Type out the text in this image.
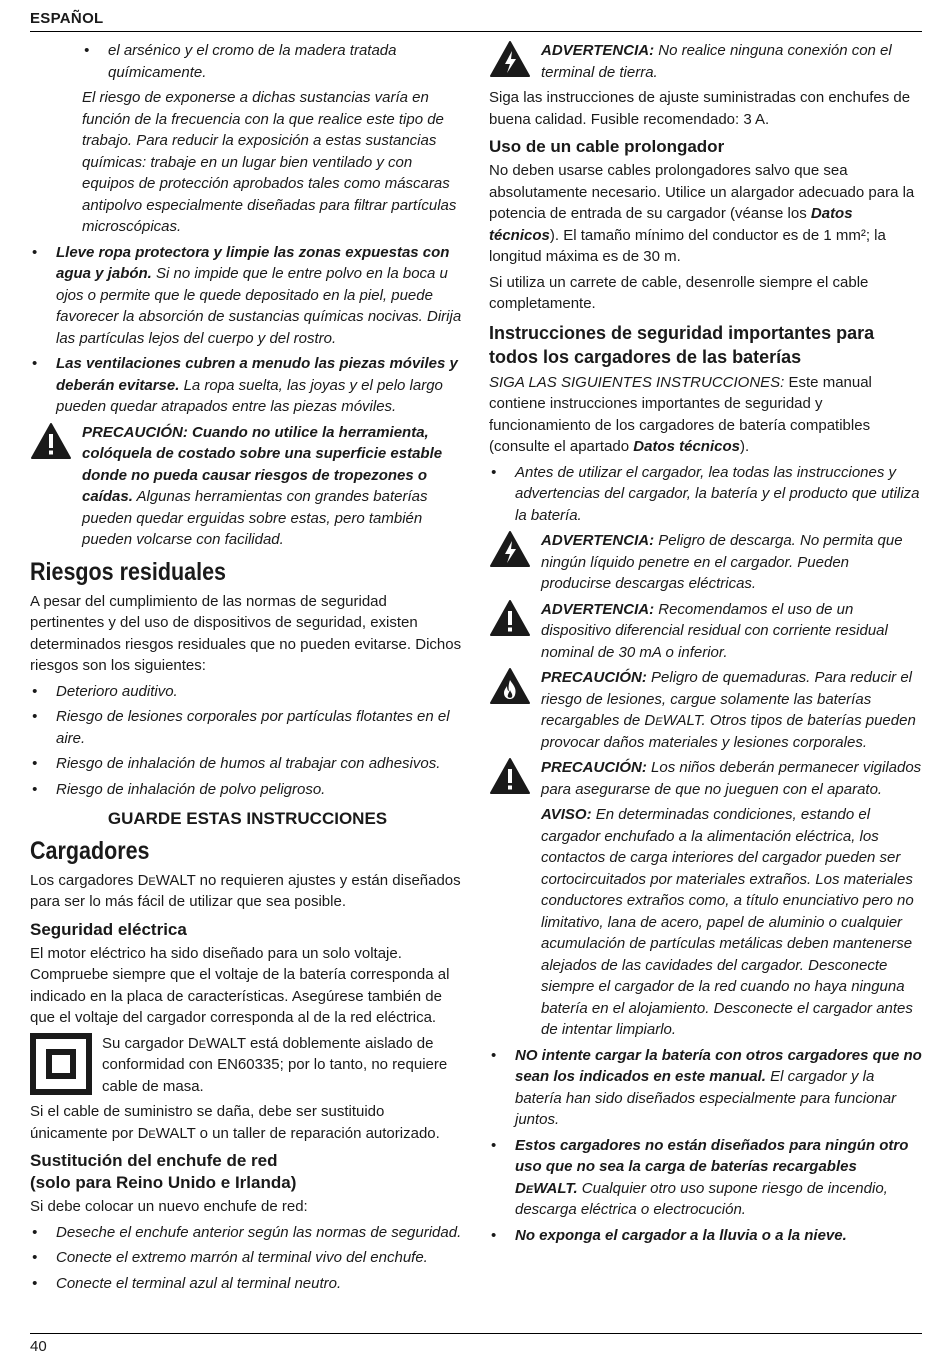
ESPAÑOL
• el arsénico y el cromo de la madera tratada químicamente.

El riesgo de exponerse a dichas sustancias varía en función de la frecuencia con la que realice este tipo de trabajo. Para reducir la exposición a estas sustancias químicas: trabaje en un lugar bien ventilado y con equipos de protección aprobados tales como máscaras antipolvo especialmente diseñadas para filtrar partículas microscópicas.

• Lleve ropa protectora y limpie las zonas expuestas con agua y jabón. Si no impide que le entre polvo en la boca u ojos o permite que le quede depositado en la piel, puede favorecer la absorción de sustancias químicas nocivas. Dirija las partículas lejos del cuerpo y del rostro.
• Las ventilaciones cubren a menudo las piezas móviles y deberán evitarse. La ropa suelta, las joyas y el pelo largo pueden quedar atrapados entre las piezas móviles.
PRECAUCIÓN: Cuando no utilice la herramienta, colóquela de costado sobre una superficie estable donde no pueda causar riesgos de tropezones o caídas. Algunas herramientas con grandes baterías pueden quedar erguidas sobre estas, pero también pueden volcarse con facilidad.
Riesgos residuales

A pesar del cumplimiento de las normas de seguridad pertinentes y del uso de dispositivos de seguridad, existen determinados riesgos residuales que no pueden evitarse. Dichos riesgos son los siguientes:

• Deterioro auditivo.
• Riesgo de lesiones corporales por partículas flotantes en el aire.
• Riesgo de inhalación de humos al trabajar con adhesivos.
• Riesgo de inhalación de polvo peligroso.
GUARDE ESTAS INSTRUCCIONES
Cargadores

Los cargadores DeWALT no requieren ajustes y están diseñados para ser lo más fácil de utilizar que sea posible.

Seguridad eléctrica

El motor eléctrico ha sido diseñado para un solo voltaje. Compruebe siempre que el voltaje de la batería corresponda al indicado en la placa de características. Asegúrese también de que el voltaje del cargador corresponda al de la red eléctrica.

Su cargador DeWALT está doblemente aislado de conformidad con EN60335; por lo tanto, no requiere cable de masa.

Si el cable de suministro se daña, debe ser sustituido únicamente por DeWALT o un taller de reparación autorizado.

Sustitución del enchufe de red
(solo para Reino Unido e Irlanda)

Si debe colocar un nuevo enchufe de red:

• Deseche el enchufe anterior según las normas de seguridad.
• Conecte el extremo marrón al terminal vivo del enchufe.
• Conecte el terminal azul al terminal neutro.
ADVERTENCIA: No realice ninguna conexión con el terminal de tierra.

Siga las instrucciones de ajuste suministradas con enchufes de buena calidad. Fusible recomendado: 3 A.

Uso de un cable prolongador

No deben usarse cables prolongadores salvo que sea absolutamente necesario. Utilice un alargador adecuado para la potencia de entrada de su cargador (véanse los Datos técnicos). El tamaño mínimo del conductor es de 1 mm²; la longitud máxima es de 30 m.

Si utiliza un carrete de cable, desenrolle siempre el cable completamente.

Instrucciones de seguridad importantes para todos los cargadores de las baterías

SIGA LAS SIGUIENTES INSTRUCCIONES: Este manual contiene instrucciones importantes de seguridad y funcionamiento de los cargadores de batería compatibles (consulte el apartado Datos técnicos).

• Antes de utilizar el cargador, lea todas las instrucciones y advertencias del cargador, la batería y el producto que utiliza la batería.
ADVERTENCIA: Peligro de descarga. No permita que ningún líquido penetre en el cargador. Pueden producirse descargas eléctricas.
ADVERTENCIA: Recomendamos el uso de un dispositivo diferencial residual con corriente residual nominal de 30 mA o inferior.
PRECAUCIÓN: Peligro de quemaduras. Para reducir el riesgo de lesiones, cargue solamente las baterías recargables de DeWALT. Otros tipos de baterías pueden provocar daños materiales y lesiones corporales.
PRECAUCIÓN: Los niños deberán permanecer vigilados para asegurarse de que no jueguen con el aparato.

AVISO: En determinadas condiciones, estando el cargador enchufado a la alimentación eléctrica, los contactos de carga interiores del cargador pueden ser cortocircuitados por materiales extraños. Los materiales conductores extraños como, a título enunciativo pero no limitativo, lana de acero, papel de aluminio o cualquier acumulación de partículas metálicas deben mantenerse alejados de las cavidades del cargador. Desconecte siempre el cargador de la red cuando no haya ninguna batería en el alojamiento. Desconecte el cargador antes de intentar limpiarlo.

• NO intente cargar la batería con otros cargadores que no sean los indicados en este manual. El cargador y la batería han sido diseñados especialmente para funcionar juntos.
• Estos cargadores no están diseñados para ningún otro uso que no sea la carga de baterías recargables DeWALT. Cualquier otro uso supone riesgo de incendio, descarga eléctrica o electrocución.
• No exponga el cargador a la lluvia o a la nieve.
40
